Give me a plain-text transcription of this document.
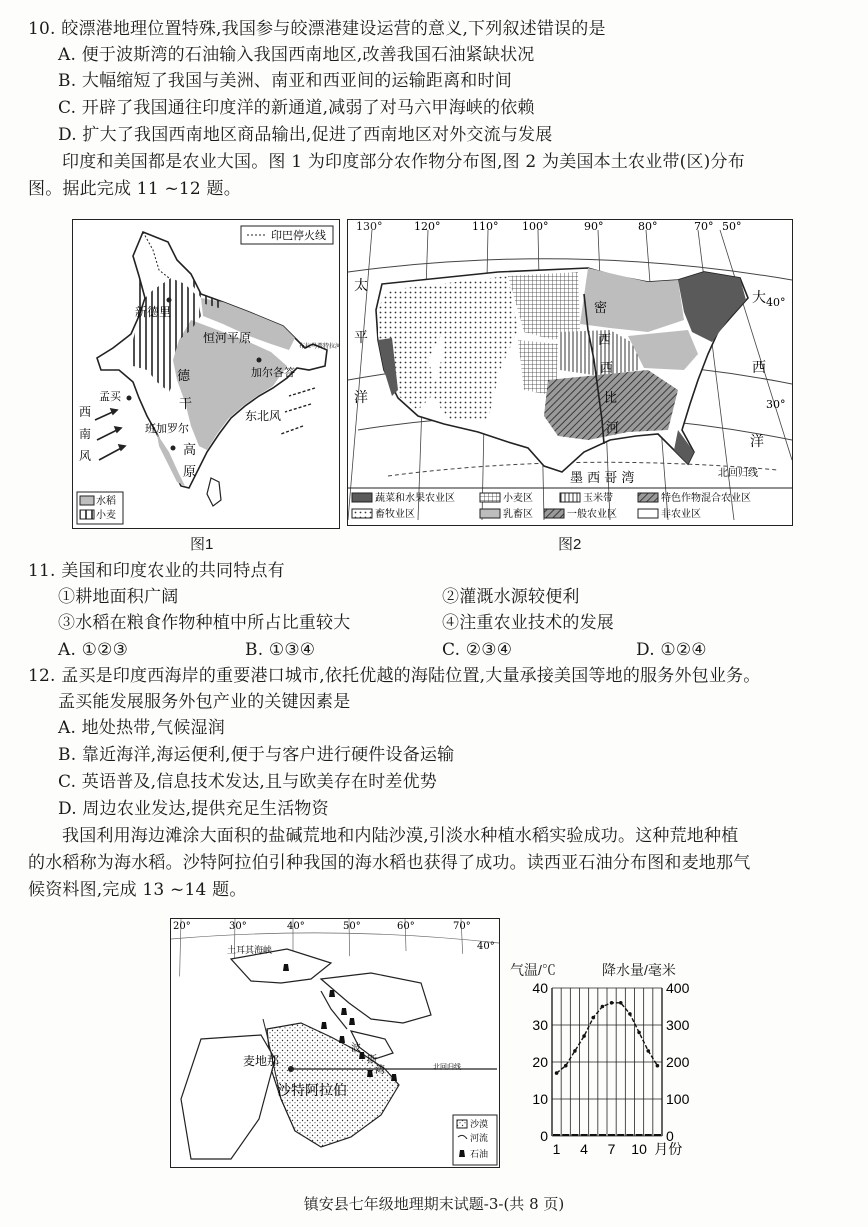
10. 皎漂港地理位置特殊,我国参与皎漂港建设运营的意义,下列叙述错误的是
A. 便于波斯湾的石油输入我国西南地区,改善我国石油紧缺状况
B. 大幅缩短了我国与美洲、南亚和西亚间的运输距离和时间
C. 开辟了我国通往印度洋的新通道,减弱了对马六甲海峡的依赖
D. 扩大了我国西南地区商品输出,促进了西南地区对外交流与发展
印度和美国都是农业大国。图 1 为印度部分农作物分布图,图 2 为美国本土农业带(区)分布
图。据此完成 11 ~12 题。
印巴停火线
新德里
恒河平原
德
干
高
原
孟买
加尔各答
班加罗尔
布拉马普特拉河
东北风
西
南
风
水稻
小麦
图1
130°	120°	110° 100°	90°	80°	70° 50°
40°
30°
太
平
洋
大
西
洋
密
西
西
比
河
墨 西 哥 湾	北回归线
蔬菜和水果农业区	小麦区	玉米带	特色作物混合农业区
畜牧业区	乳畜区	一般农业区	非农业区
图2
11. 美国和印度农业的共同特点有
①耕地面积广阔	②灌溉水源较便利
③水稻在粮食作物种植中所占比重较大	④注重农业技术的发展
A. ①②③	B. ①③④	C. ②③④	D. ①②④
12. 孟买是印度西海岸的重要港口城市,依托优越的海陆位置,大量承接美国等地的服务外包业务。
孟买能发展服务外包产业的关键因素是
A. 地处热带,气候湿润
B. 靠近海洋,海运便利,便于与客户进行硬件设备运输
C. 英语普及,信息技术发达,且与欧美存在时差优势
D. 周边农业发达,提供充足生活物资
我国利用海边滩涂大面积的盐碱荒地和内陆沙漠,引淡水种植水稻实验成功。这种荒地种植
的水稻称为海水稻。沙特阿拉伯引种我国的海水稻也获得了成功。读西亚石油分布图和麦地那气
候资料图,完成 13 ~14 题。
20°	30°	40°	50°	60°	70°
40°
麦地那
沙特阿拉伯
土耳其海峡
北回归线
波
斯
湾
沙漠
河流
石油
气温/℃	降水量/毫米
0	0
10	100
20	200
30	300
40	400
1 4 7 10 月份
镇安县七年级地理期末试题-3-(共 8 页)
